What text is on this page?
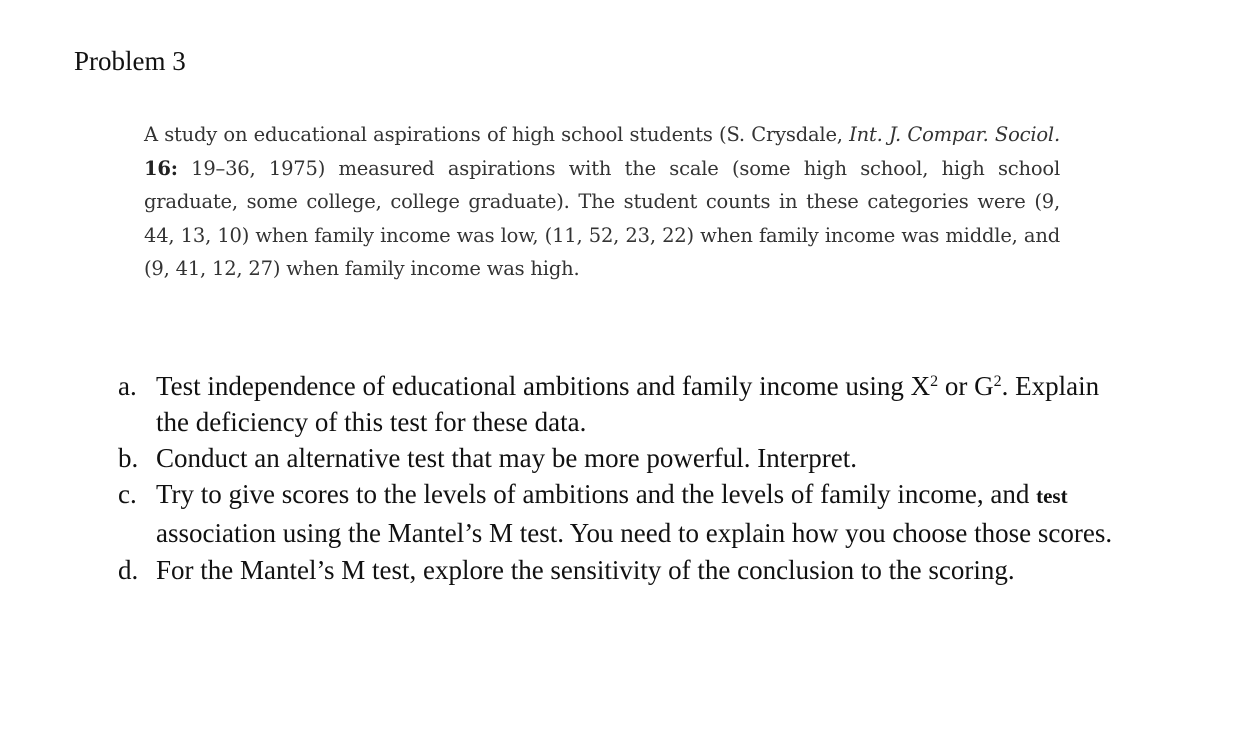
Problem 3

A study on educational aspirations of high school students (S. Crysdale, Int. J. Compar. Sociol. 16: 19–36, 1975) measured aspirations with the scale (some high school, high school graduate, some college, college graduate). The student counts in these categories were (9, 44, 13, 10) when family income was low, (11, 52, 23, 22) when family income was middle, and (9, 41, 12, 27) when family income was high.

a. Test independence of educational ambitions and family income using $X^2$ or $G^2$. Explain the deficiency of this test for these data.
b. Conduct an alternative test that may be more powerful. Interpret.
c. Try to give scores to the levels of ambitions and the levels of family income, and test association using the Mantel’s M test. You need to explain how you choose those scores.
d. For the Mantel’s M test, explore the sensitivity of the conclusion to the scoring.
